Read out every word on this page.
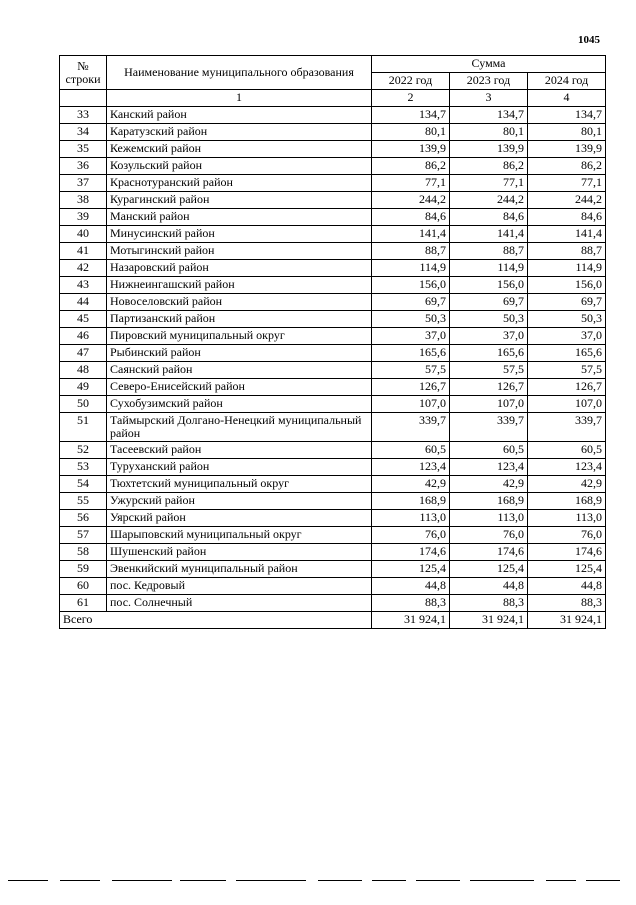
1045
№
строки	Наименование муниципального образования	Сумма		
		2022 год	2023 год	2024 год
	1	2	3	4
33	Канский район	134,7	134,7	134,7
34	Каратузский район	80,1	80,1	80,1
35	Кежемский район	139,9	139,9	139,9
36	Козульский район	86,2	86,2	86,2
37	Краснотуранский район	77,1	77,1	77,1
38	Курагинский район	244,2	244,2	244,2
39	Манский район	84,6	84,6	84,6
40	Минусинский район	141,4	141,4	141,4
41	Мотыгинский район	88,7	88,7	88,7
42	Назаровский район	114,9	114,9	114,9
43	Нижнеингашский район	156,0	156,0	156,0
44	Новоселовский район	69,7	69,7	69,7
45	Партизанский район	50,3	50,3	50,3
46	Пировский муниципальный округ	37,0	37,0	37,0
47	Рыбинский район	165,6	165,6	165,6
48	Саянский район	57,5	57,5	57,5
49	Северо-Енисейский район	126,7	126,7	126,7
50	Сухобузимский район	107,0	107,0	107,0
51	Таймырский Долгано-Ненецкий муниципальный район	339,7	339,7	339,7
52	Тасеевский район	60,5	60,5	60,5
53	Туруханский район	123,4	123,4	123,4
54	Тюхтетский муниципальный округ	42,9	42,9	42,9
55	Ужурский район	168,9	168,9	168,9
56	Уярский район	113,0	113,0	113,0
57	Шарыповский муниципальный округ	76,0	76,0	76,0
58	Шушенский район	174,6	174,6	174,6
59	Эвенкийский муниципальный район	125,4	125,4	125,4
60	пос. Кедровый	44,8	44,8	44,8
61	пос. Солнечный	88,3	88,3	88,3
Всего		31 924,1	31 924,1	31 924,1
